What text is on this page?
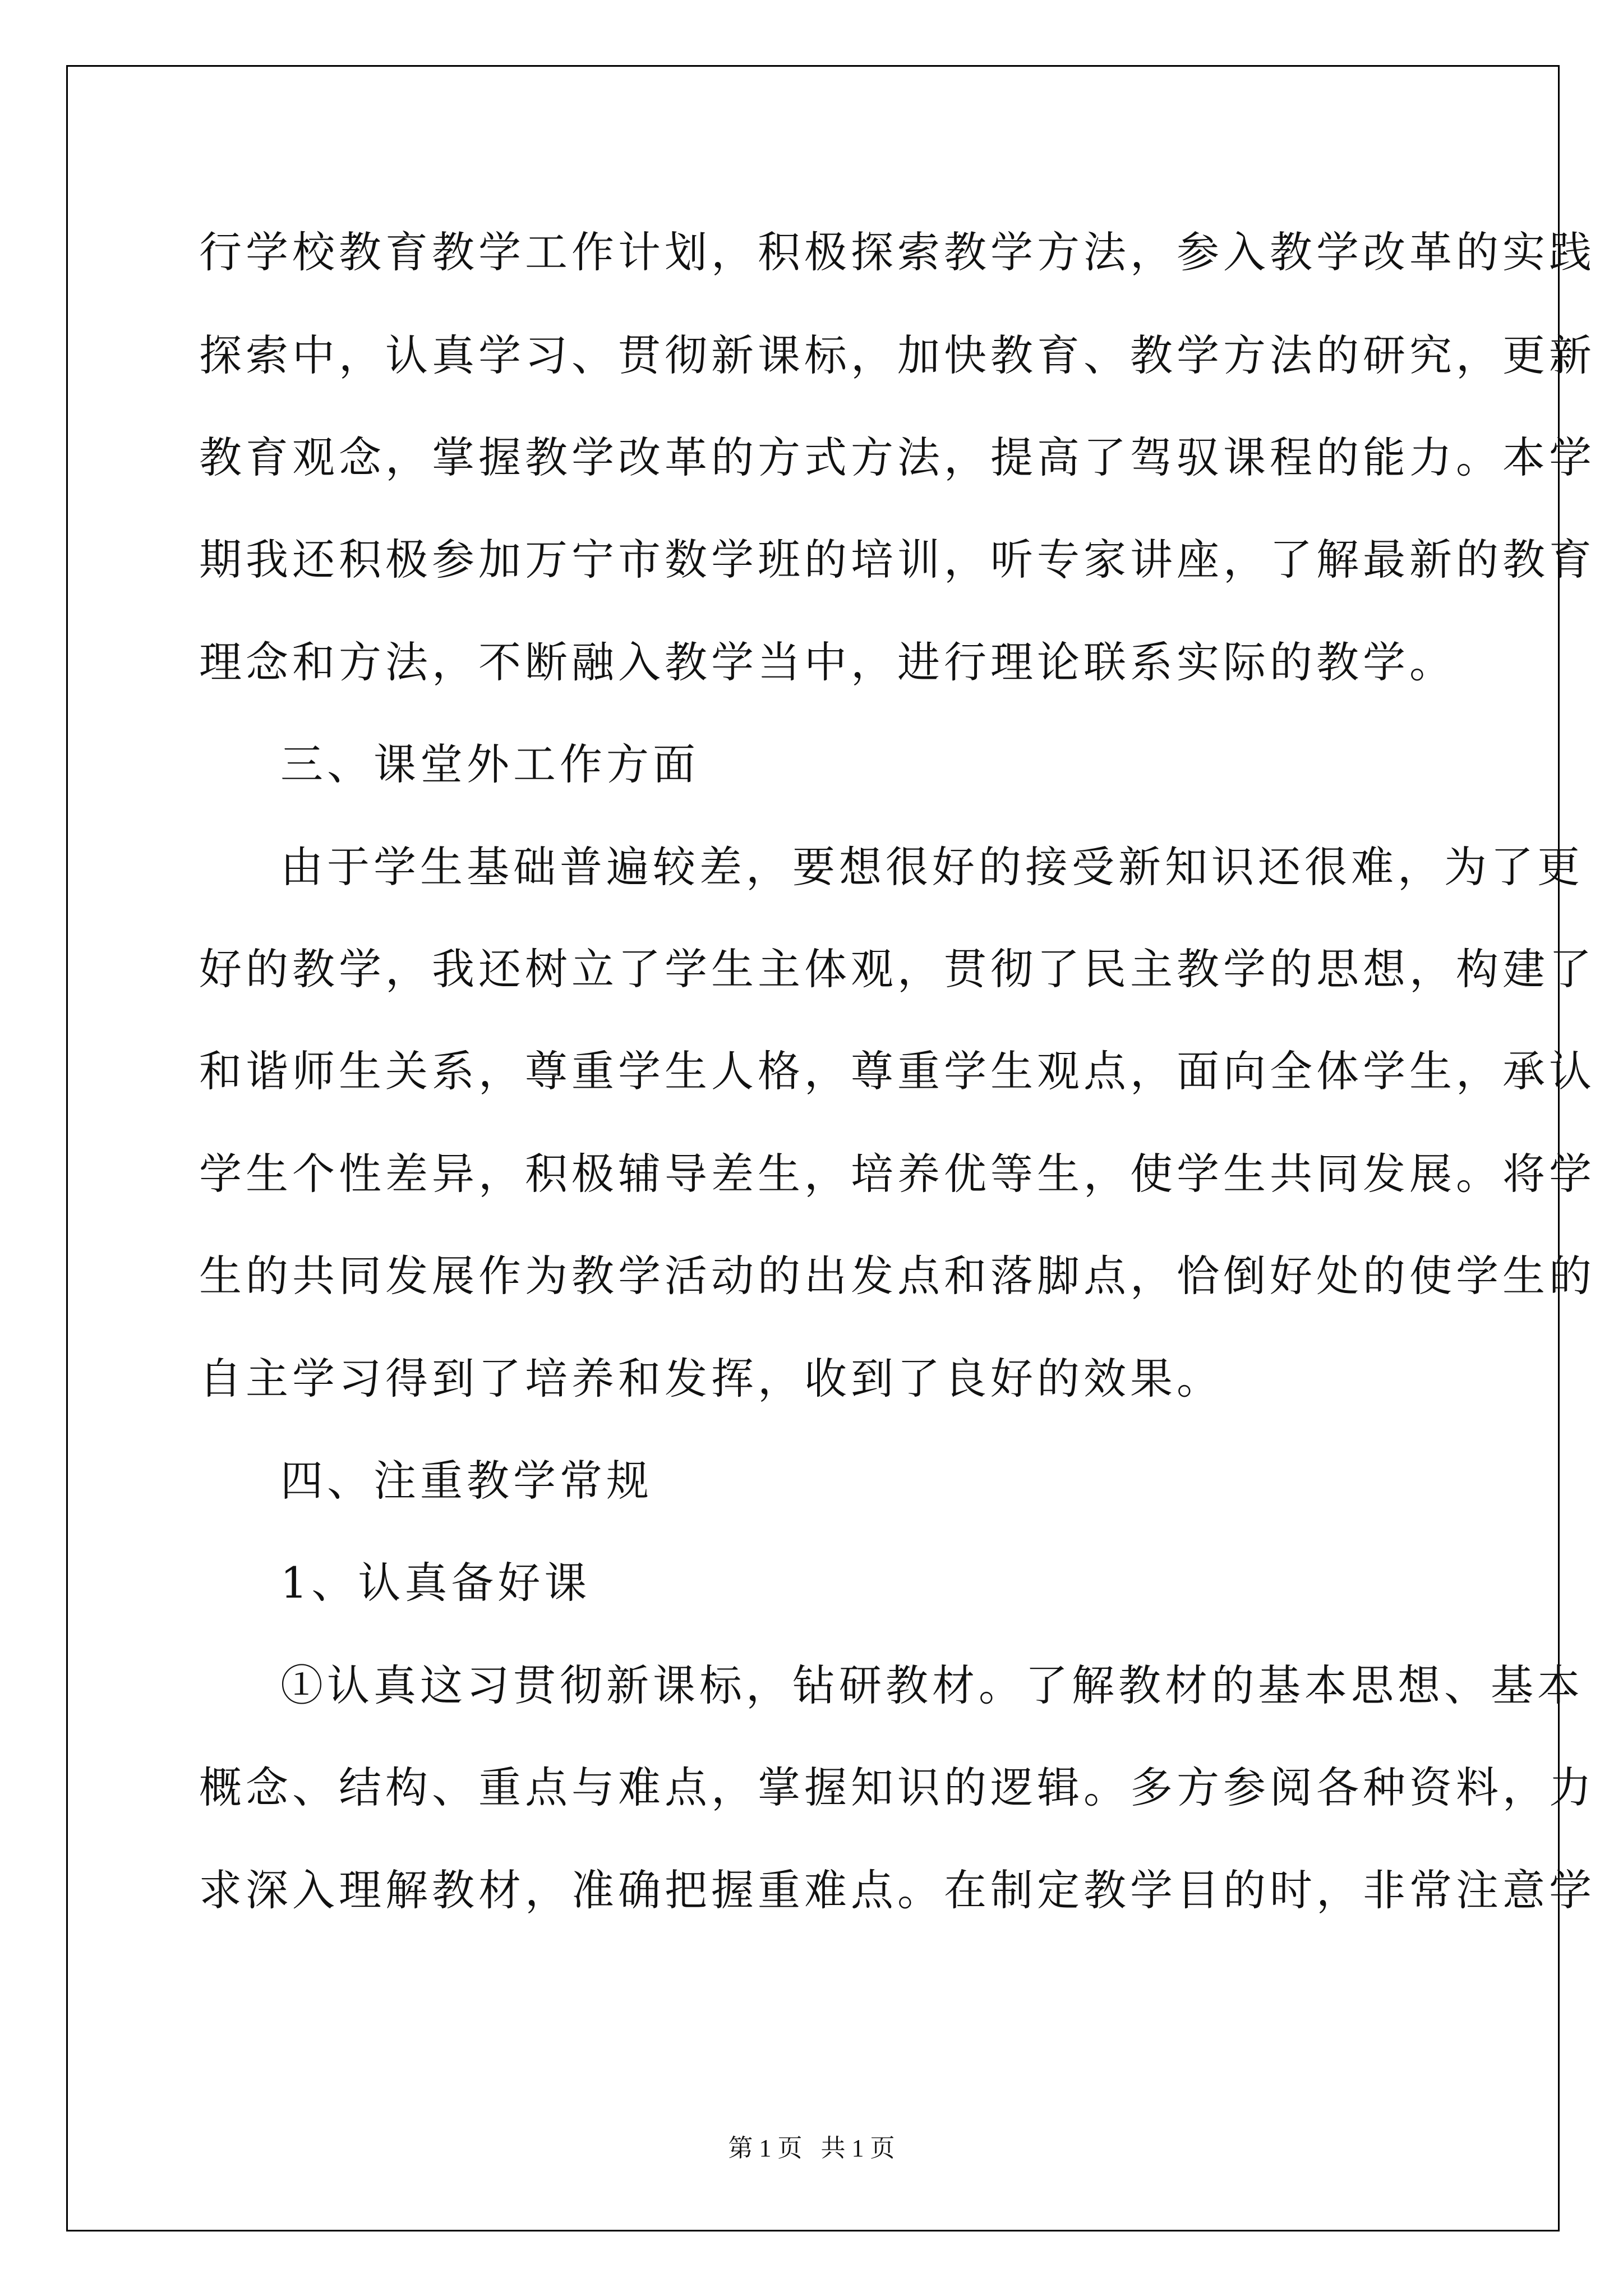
行学校教育教学工作计划，积极探索教学方法，参入教学改革的实践

探索中，认真学习、贯彻新课标，加快教育、教学方法的研究，更新

教育观念，掌握教学改革的方式方法，提高了驾驭课程的能力。本学

期我还积极参加万宁市数学班的培训，听专家讲座，了解最新的教育

理念和方法，不断融入教学当中，进行理论联系实际的教学。

三、课堂外工作方面

由于学生基础普遍较差，要想很好的接受新知识还很难，为了更

好的教学，我还树立了学生主体观，贯彻了民主教学的思想，构建了

和谐师生关系，尊重学生人格，尊重学生观点，面向全体学生，承认

学生个性差异，积极辅导差生，培养优等生，使学生共同发展。将学

生的共同发展作为教学活动的出发点和落脚点，恰倒好处的使学生的

自主学习得到了培养和发挥，收到了良好的效果。

四、注重教学常规

1、认真备好课

①认真这习贯彻新课标，钻研教材。了解教材的基本思想、基本

概念、结构、重点与难点，掌握知识的逻辑。多方参阅各种资料，力

求深入理解教材，准确把握重难点。在制定教学目的时，非常注意学

第 1 页   共 1 页
